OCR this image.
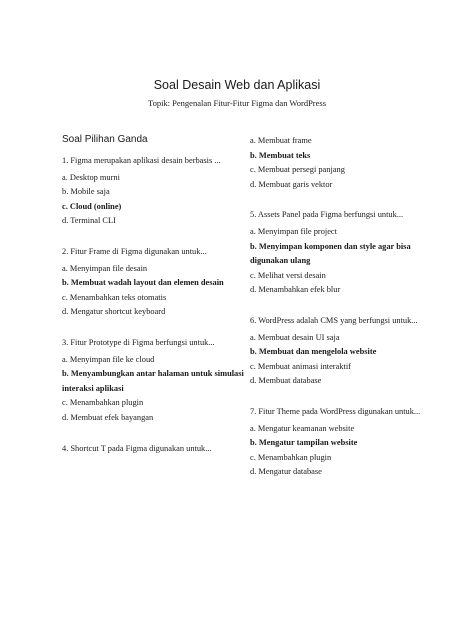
Soal Desain Web dan Aplikasi

Topik: Pengenalan Fitur-Fitur Figma dan WordPress

Soal Pilihan Ganda

1. Figma merupakan aplikasi desain berbasis ...

a. Desktop murni

b. Mobile saja

c. Cloud (online)

d. Terminal CLI

2. Fitur Frame di Figma digunakan untuk...

a. Menyimpan file desain

b. Membuat wadah layout dan elemen desain

c. Menambahkan teks otomatis

d. Mengatur shortcut keyboard

3. Fitur Prototype di Figma berfungsi untuk...

a. Menyimpan file ke cloud

b. Menyambungkan antar halaman untuk simulasi interaksi aplikasi

c. Menambahkan plugin

d. Membuat efek bayangan

4. Shortcut T pada Figma digunakan untuk...

a. Membuat frame

b. Membuat teks

c. Membuat persegi panjang

d. Membuat garis vektor

5. Assets Panel pada Figma berfungsi untuk...

a. Menyimpan file project

b. Menyimpan komponen dan style agar bisa digunakan ulang

c. Melihat versi desain

d. Menambahkan efek blur

6. WordPress adalah CMS yang berfungsi untuk...

a. Membuat desain UI saja

b. Membuat dan mengelola website

c. Membuat animasi interaktif

d. Membuat database

7. Fitur Theme pada WordPress digunakan untuk...

a. Mengatur keamanan website

b. Mengatur tampilan website

c. Menambahkan plugin

d. Mengatur database
